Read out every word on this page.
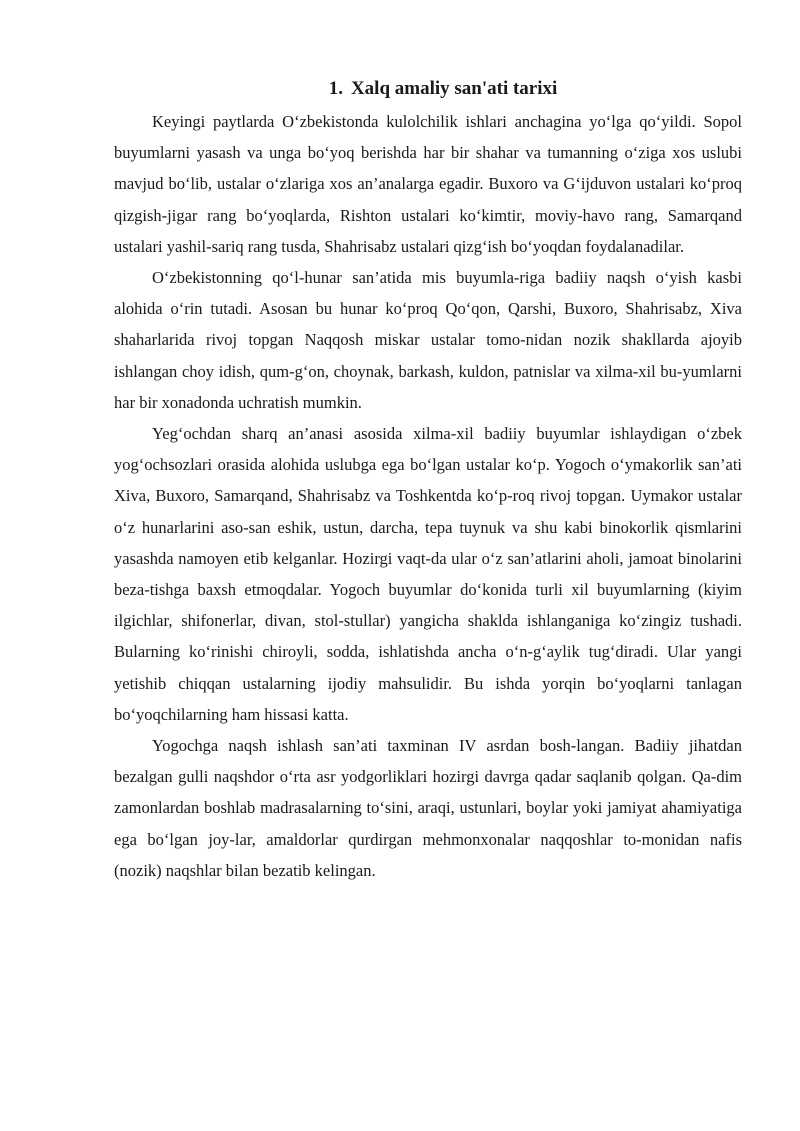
1. Xalq amaliy san'ati tarixi

Keyingi paytlarda O‘zbekistonda kulolchilik ishlari anchagina yo‘lga qo‘yildi. Sopol buyumlarni yasash va unga bo‘yoq berishda har bir shahar va tumanning o‘ziga xos uslubi mavjud bo‘lib, ustalar o‘zlariga xos an’analarga egadir. Buxoro va G‘ijduvon ustalari ko‘proq qizgish-jigar rang bo‘yoqlarda, Rishton ustalari ko‘kimtir, moviy-havo rang, Samarqand ustalari yashil-sariq rang tusda, Shahrisabz ustalari qizg‘ish bo‘yoqdan foydalanadilar.

O‘zbekistonning qo‘l-hunar san’atida mis buyumla-riga badiiy naqsh o‘yish kasbi alohida o‘rin tutadi. Asosan bu hunar ko‘proq Qo‘qon, Qarshi, Buxoro, Shahrisabz, Xiva shaharlarida rivoj topgan Naqqosh miskar ustalar tomo-nidan nozik shakllarda ajoyib ishlangan choy idish, qum-g‘on, choynak, barkash, kuldon, patnislar va xilma-xil bu-yumlarni har bir xonadonda uchratish mumkin.

Yeg‘ochdan sharq an’anasi asosida xilma-xil badiiy buyumlar ishlaydigan o‘zbek yog‘ochsozlari orasida alohida uslubga ega bo‘lgan ustalar ko‘p. Yogoch o‘ymakorlik san’ati Xiva, Buxoro, Samarqand, Shahrisabz va Toshkentda ko‘p-roq rivoj topgan. Uymakor ustalar o‘z hunarlarini aso-san eshik, ustun, darcha, tepa tuynuk va shu kabi binokorlik qismlarini yasashda namoyen etib kelganlar. Hozirgi vaqt-da ular o‘z san’atlarini aholi, jamoat binolarini beza-tishga baxsh etmoqdalar. Yogoch buyumlar do‘konida turli xil buyumlarning (kiyim ilgichlar, shifonerlar, divan, stol-stullar) yangicha shaklda ishlanganiga ko‘zingiz tushadi. Bularning ko‘rinishi chiroyli, sodda, ishlatishda ancha o‘n-g‘aylik tug‘diradi. Ular yangi yetishib chiqqan ustalarning ijodiy mahsulidir. Bu ishda yorqin bo‘yoqlarni tanlagan bo‘yoqchilarning ham hissasi katta.

Yogochga naqsh ishlash san’ati taxminan IV asrdan bosh-langan. Badiiy jihatdan bezalgan gulli naqshdor o‘rta asr yodgorliklari hozirgi davrga qadar saqlanib qolgan. Qa-dim zamonlardan boshlab madrasalarning to‘sini, araqi, ustunlari, boylar yoki jamiyat ahamiyatiga ega bo‘lgan joy-lar, amaldorlar qurdirgan mehmonxonalar naqqoshlar to-monidan nafis (nozik) naqshlar bilan bezatib kelingan.
